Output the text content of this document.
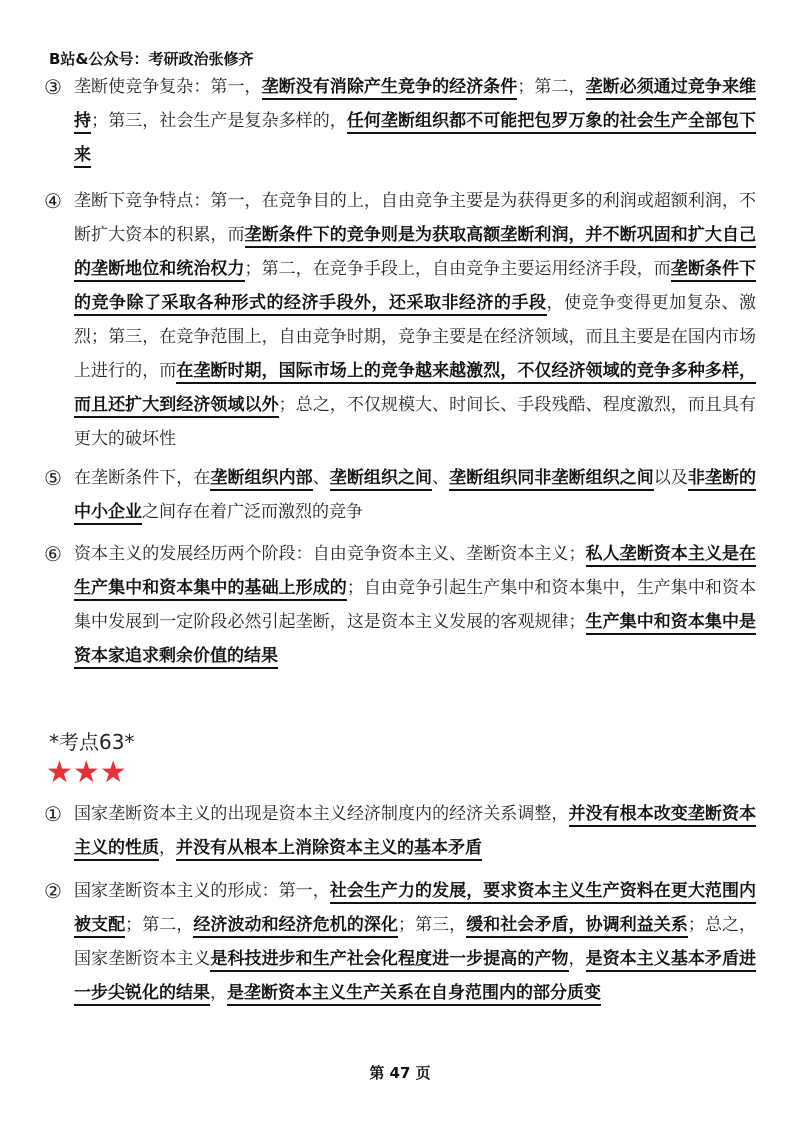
B站&公众号：考研政治张修齐
③ 垄断使竞争复杂：第一，垄断没有消除产生竞争的经济条件；第二，垄断必须通过竞争来维持；第三，社会生产是复杂多样的，任何垄断组织都不可能把包罗万象的社会生产全部包下来
④ 垄断下竞争特点：第一，在竞争目的上，自由竞争主要是为获得更多的利润或超额利润，不断扩大资本的积累，而垄断条件下的竞争则是为获取高额垄断利润，并不断巩固和扩大自己的垄断地位和统治权力；第二，在竞争手段上，自由竞争主要运用经济手段，而垄断条件下的竞争除了采取各种形式的经济手段外，还采取非经济的手段，使竞争变得更加复杂、激烈；第三，在竞争范围上，自由竞争时期，竞争主要是在经济领域，而且主要是在国内市场上进行的，而在垄断时期，国际市场上的竞争越来越激烈，不仅经济领域的竞争多种多样，而且还扩大到经济领域以外；总之，不仅规模大、时间长、手段残酷、程度激烈，而且具有更大的破坏性
⑤ 在垄断条件下，在垄断组织内部、垄断组织之间、垄断组织同非垄断组织之间以及非垄断的中小企业之间存在着广泛而激烈的竞争
⑥ 资本主义的发展经历两个阶段：自由竞争资本主义、垄断资本主义；私人垄断资本主义是在生产集中和资本集中的基础上形成的；自由竞争引起生产集中和资本集中，生产集中和资本集中发展到一定阶段必然引起垄断，这是资本主义发展的客观规律；生产集中和资本集中是资本家追求剩余价值的结果
*考点63*
★★★
① 国家垄断资本主义的出现是资本主义经济制度内的经济关系调整，并没有根本改变垄断资本主义的性质，并没有从根本上消除资本主义的基本矛盾
② 国家垄断资本主义的形成：第一，社会生产力的发展，要求资本主义生产资料在更大范围内被支配；第二，经济波动和经济危机的深化；第三，缓和社会矛盾，协调利益关系；总之，国家垄断资本主义是科技进步和生产社会化程度进一步提高的产物，是资本主义基本矛盾进一步尖锐化的结果，是垄断资本主义生产关系在自身范围内的部分质变
第 47 页
